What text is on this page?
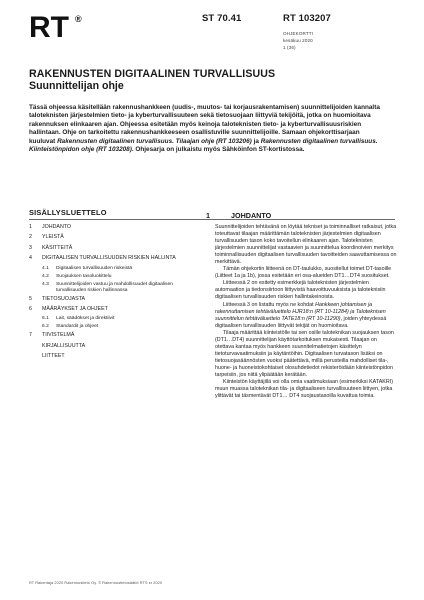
RT ®	ST 70.41	RT 103207
OHJEKORTTI
kesäkuu 2020
1 (36)
RAKENNUSTEN DIGITAALINEN TURVALLISUUS
Suunnittelijan ohje
Tässä ohjeessa käsitellään rakennushankkeen (uudis-, muutos- tai korjausrakentamisen) suunnittelijoiden kannalta taloteknisten järjestelmien tieto- ja kyberturvallisuuteen sekä tietosuojaan liittyviä tekijöitä, jotka on huomioitava rakennuksen elinkaaren ajan. Ohjeessa esitetään myös keinoja taloteknisten tieto- ja kyberturvallisuusriskien hallintaan. Ohje on tarkoitettu rakennushankkeeseen osallistuville suunnittelijoille. Samaan ohjekorttisarjaan kuuluvat Rakennusten digitaalinen turvallisuus. Tilaajan ohje (RT 103206) ja Rakennusten digitaalinen turvallisuus. Kiinteistönpidon ohje (RT 103208). Ohjesarja on julkaistu myös Sähköinfon ST-kortistossa.
SISÄLLYSLUETTELO
1 JOHDANTO
2 YLEISTÄ
3 KÄSITTEITÄ
4 DIGITAALISEN TURVALLISUUDEN RISKIEN HALLINTA
4.1 Digitaalisen turvallisuuden riskeistä
4.2 Suojauksen tasoluokittelu
4.3 Suunnittelijoiden vastuu ja mahdollisuudet digitaalisen turvallisuuden riskien hallinnassa
5 TIETOSUOJASTA
6 MÄÄRÄYKSET JA OHJEET
6.1 Lait, säädökset ja direktiivit
6.2 Standardit ja ohjeet
7 TIIVISTELMÄ
KIRJALLISUUTTA
LIITTEET
1	JOHDANTO

Suunnittelijoiden tehtävänä on löytää tekniset ja toiminnalliset ratkaisut, jotka toteuttavat tilaajan määrittämän taloteknisten järjestelmien digitaalisen turvallisuuden tason koko tavoitellun elinkaaren ajan. Taloteknisten järjestelmien suunnittelijat vastaavien ja suunnittelua koordinoivien merkitys toiminnallisuuden digitaalisen turvallisuuden tavoitteiden saavuttamisessa on merkittävä.

Tämän ohjekortin liitteenä on DT-taulukko, suositellut toimet DT-tasoille (Liitteet 1a ja 1b), jossa esitetään eri osa-alueiden DT1…DT4 suositukset.

Liitteessä 2 on esitetty esimerkkejä taloteknisten järjestelmien automaation ja tiedonsiirtoon liittyvistä haavoittuvuuksista ja taloteknisiin digitaalisen turvallisuuden riskien hallintakeinoista.

Liitteessä 3 on listattu myös ne kohdat Hankkeen johtamisen ja rakennuttamisen tehtäväluettelo HJR18:n (RT 10-11284) ja Taloteknisen suunnittelun tehtäväluettelo TATE18:n (RT 10-11290), joiden yhteydessä digitaalisen turvallisuuden liittyvät tekijät on huomioitava.

Tilaaja määrittää kiinteistölle tai sen osille taloteknikan suojauksen tason (DT1…DT4) suunnittelijan käyttötarkoituksen mukaisesti. Tilaajan on otettava kantaa myös hankkeen suunnitelmatietojen käsittelyn tietoturvavaatimuksiin ja käytäntöihin. Digitaalisen turvatason lisäksi on tietosuojasäännösten vuoksi päätettävä, millä perusteilla mahdolliset tila-, huone- ja huoneistokohtaiset olosuhdetiedot rekisteröidään kiinteistönpidon tarpeisiin, jos niitä ylipäätään kerätään.

Kiinteistön käyttäjillä voi olla omia vaatimuksiaan (esimerkiksi KATAKRI) muun muassa taloteknikan tila- ja digitaaliseen turvallisuuteen liittyen, jotka ylittävät tai täsmentävät DT1… DT4 suojaustasoilla kuvattua toimia.

RT Rakentaja 2020 Rakennustieto Oy. © Rakennustietosäätiö RTS sr 2020
